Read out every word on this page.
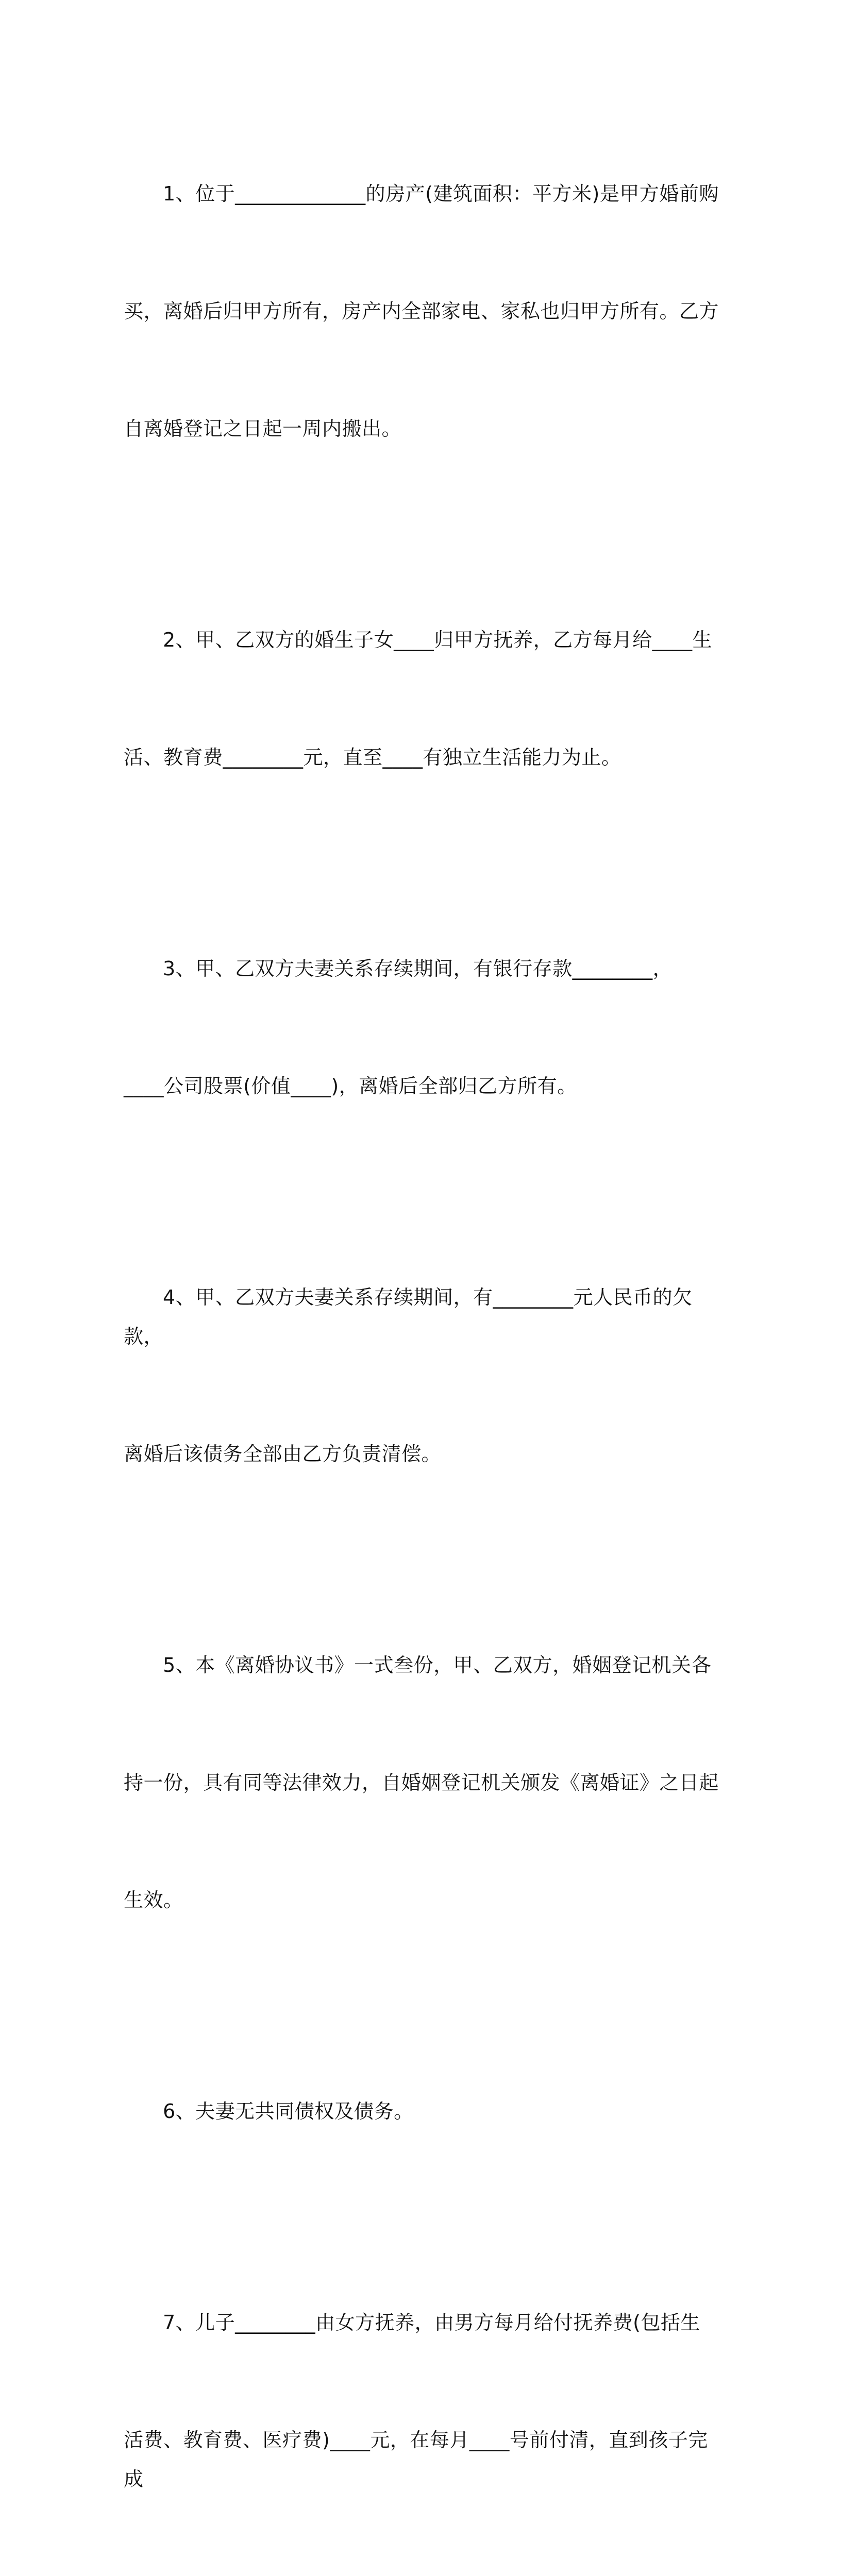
1、位于_____________的房产(建筑面积：平方米)是甲方婚前购

买，离婚后归甲方所有，房产内全部家电、家私也归甲方所有。乙方

自离婚登记之日起一周内搬出。

2、甲、乙双方的婚生子女____归甲方抚养，乙方每月给____生

活、教育费________元，直至____有独立生活能力为止。

3、甲、乙双方夫妻关系存续期间，有银行存款________，

____公司股票(价值____)，离婚后全部归乙方所有。

4、甲、乙双方夫妻关系存续期间，有________元人民币的欠款，

离婚后该债务全部由乙方负责清偿。

5、本《离婚协议书》一式叁份，甲、乙双方，婚姻登记机关各

持一份，具有同等法律效力，自婚姻登记机关颁发《离婚证》之日起

生效。

6、夫妻无共同债权及债务。

7、儿子________由女方抚养，由男方每月给付抚养费(包括生

活费、教育费、医疗费)____元，在每月____号前付清，直到孩子完成
